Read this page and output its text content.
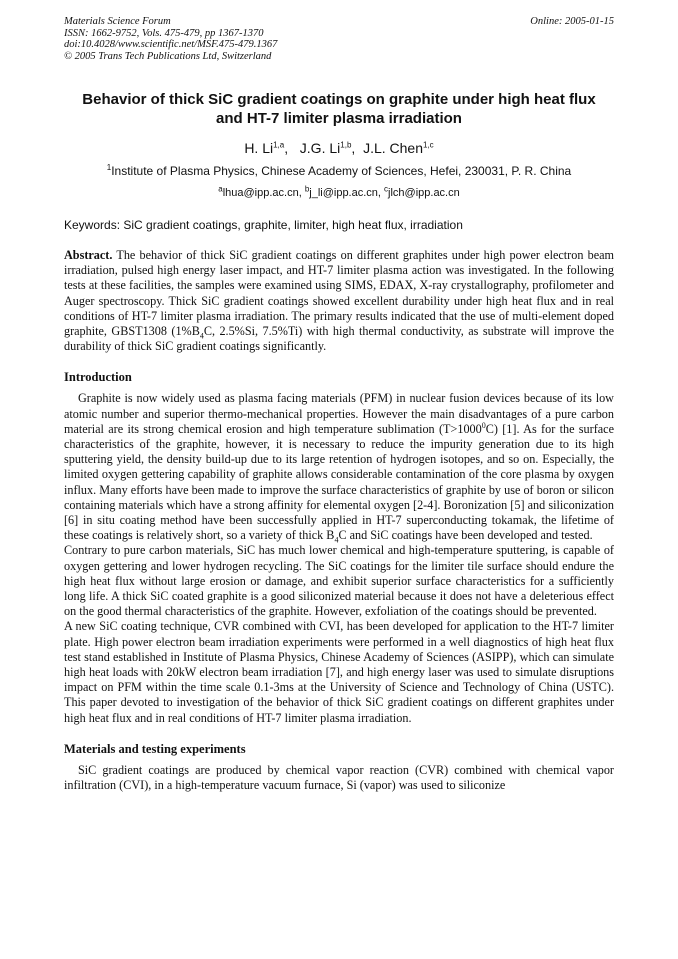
Materials Science Forum
ISSN: 1662-9752, Vols. 475-479, pp 1367-1370
doi:10.4028/www.scientific.net/MSF.475-479.1367
© 2005 Trans Tech Publications Ltd, Switzerland
Online: 2005-01-15
Behavior of thick SiC gradient coatings on graphite under high heat flux
and HT-7 limiter plasma irradiation
H. Li$^{1,a}$,   J.G. Li$^{1,b}$,  J.L. Chen$^{1,c}$
$^1$Institute of Plasma Physics, Chinese Academy of Sciences, Hefei, 230031, P. R. China
$^a$lhua@ipp.ac.cn, $^b$j_li@ipp.ac.cn, $^c$jlch@ipp.ac.cn
Keywords: SiC gradient coatings, graphite, limiter, high heat flux, irradiation

Abstract. The behavior of thick SiC gradient coatings on different graphites under high power electron beam irradiation, pulsed high energy laser impact, and HT-7 limiter plasma action was investigated. In the following tests at these facilities, the samples were examined using SIMS, EDAX, X-ray crystallography, profilometer and Auger spectroscopy. Thick SiC gradient coatings showed excellent durability under high heat flux and in real conditions of HT-7 limiter plasma irradiation. The primary results indicated that the use of multi-element doped graphite, GBST1308 ($1\%B_4C$, 2.5%Si, 7.5%Ti) with high thermal conductivity, as substrate will improve the durability of thick SiC gradient coatings significantly.

Introduction

Graphite is now widely used as plasma facing materials (PFM) in nuclear fusion devices because of its low atomic number and superior thermo-mechanical properties. However the main disadvantages of a pure carbon material are its strong chemical erosion and high temperature sublimation $(T>1000^0C)$ [1]. As for the surface characteristics of the graphite, however, it is necessary to reduce the impurity generation due to its high sputtering yield, the density build-up due to its large retention of hydrogen isotopes, and so on. Especially, the limited oxygen gettering capability of graphite allows considerable contamination of the core plasma by oxygen influx. Many efforts have been made to improve the surface characteristics of graphite by use of boron or silicon containing materials which have a strong affinity for elemental oxygen [2-4]. Boronization [5] and siliconization [6] in situ coating method have been successfully applied in HT-7 superconducting tokamak, the lifetime of these coatings is relatively short, so a variety of thick $B_4C$ and SiC coatings have been developed and tested.

Contrary to pure carbon materials, SiC has much lower chemical and high-temperature sputtering, is capable of oxygen gettering and lower hydrogen recycling. The SiC coatings for the limiter tile surface should endure the high heat flux without large erosion or damage, and exhibit superior surface characteristics for a sufficiently long life. A thick SiC coated graphite is a good siliconized material because it does not have a deleterious effect on the good thermal characteristics of the graphite. However, exfoliation of the coatings should be prevented.

A new SiC coating technique, CVR combined with CVI, has been developed for application to the HT-7 limiter plate. High power electron beam irradiation experiments were performed in a well diagnostics of high heat flux test stand established in Institute of Plasma Physics, Chinese Academy of Sciences (ASIPP), which can simulate high heat loads with 20kW electron beam irradiation [7], and high energy laser was used to simulate disruptions impact on PFM within the time scale 0.1-3ms at the University of Science and Technology of China (USTC). This paper devoted to investigation of the behavior of thick SiC gradient coatings on different graphites under high heat flux and in real conditions of HT-7 limiter plasma irradiation.

Materials and testing experiments

SiC gradient coatings are produced by chemical vapor reaction (CVR) combined with chemical vapor infiltration (CVI), in a high-temperature vacuum furnace, Si (vapor) was used to siliconize
